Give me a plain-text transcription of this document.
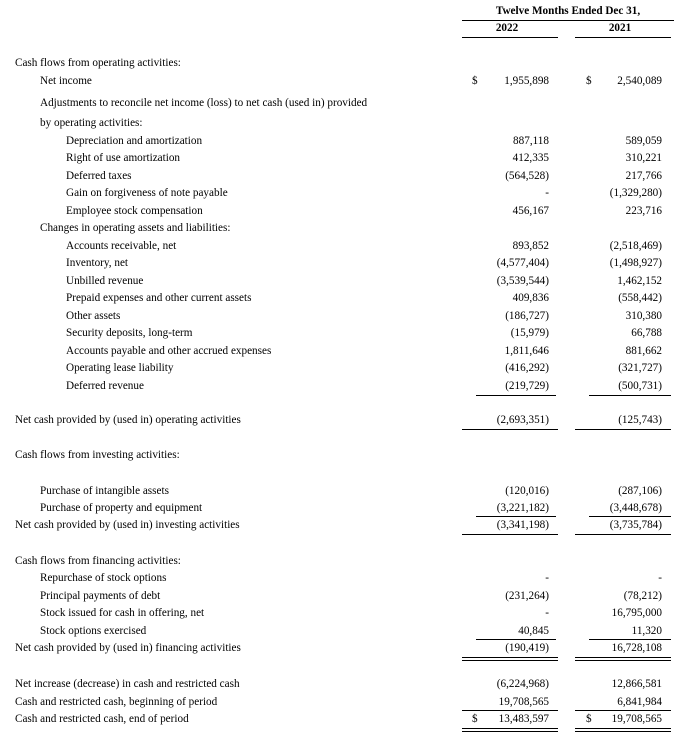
Twelve Months Ended Dec 31,
2022	2021
Cash flows from operating activities:
Net income	$	1,955,898	$	2,540,089
Adjustments to reconcile net income (loss) to net cash (used in) provided
by operating activities:
Depreciation and amortization	887,118	589,059
Right of use amortization	412,335	310,221
Deferred taxes	(564,528)	217,766
Gain on forgiveness of note payable	-	(1,329,280)
Employee stock compensation	456,167	223,716
Changes in operating assets and liabilities:
Accounts receivable, net	893,852	(2,518,469)
Inventory, net	(4,577,404)	(1,498,927)
Unbilled revenue	(3,539,544)	1,462,152
Prepaid expenses and other current assets	409,836	(558,442)
Other assets	(186,727)	310,380
Security deposits, long-term	(15,979)	66,788
Accounts payable and other accrued expenses	1,811,646	881,662
Operating lease liability	(416,292)	(321,727)
Deferred revenue	(219,729)	(500,731)
Net cash provided by (used in) operating activities	(2,693,351)	(125,743)
Cash flows from investing activities:
Purchase of intangible assets	(120,016)	(287,106)
Purchase of property and equipment	(3,221,182)	(3,448,678)
Net cash provided by (used in) investing activities	(3,341,198)	(3,735,784)
Cash flows from financing activities:
Repurchase of stock options	-	-
Principal payments of debt	(231,264)	(78,212)
Stock issued for cash in offering, net	-	16,795,000
Stock options exercised	40,845	11,320
Net cash provided by (used in) financing activities	(190,419)	16,728,108
Net increase (decrease) in cash and restricted cash	(6,224,968)	12,866,581
Cash and restricted cash, beginning of period	19,708,565	6,841,984
Cash and restricted cash, end of period	$	13,483,597	$	19,708,565
